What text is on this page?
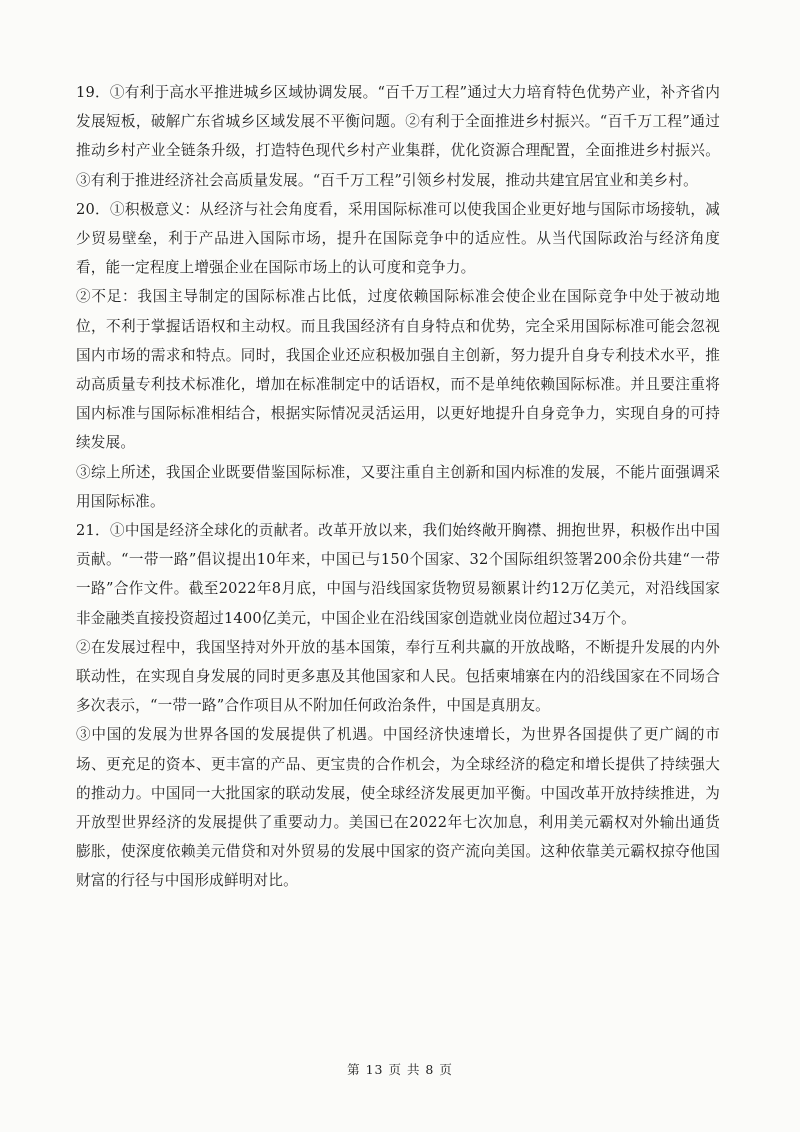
19．①有利于高水平推进城乡区域协调发展。“百千万工程”通过大力培育特色优势产业，补齐省内发展短板，破解广东省城乡区域发展不平衡问题。②有利于全面推进乡村振兴。“百千万工程”通过推动乡村产业全链条升级，打造特色现代乡村产业集群，优化资源合理配置，全面推进乡村振兴。③有利于推进经济社会高质量发展。“百千万工程”引领乡村发展，推动共建宜居宜业和美乡村。

20．①积极意义：从经济与社会角度看，采用国际标准可以使我国企业更好地与国际市场接轨，减少贸易壁垒，利于产品进入国际市场，提升在国际竞争中的适应性。从当代国际政治与经济角度看，能一定程度上增强企业在国际市场上的认可度和竞争力。

②不足：我国主导制定的国际标准占比低，过度依赖国际标准会使企业在国际竞争中处于被动地位，不利于掌握话语权和主动权。而且我国经济有自身特点和优势，完全采用国际标准可能会忽视国内市场的需求和特点。同时，我国企业还应积极加强自主创新，努力提升自身专利技术水平，推动高质量专利技术标准化，增加在标准制定中的话语权，而不是单纯依赖国际标准。并且要注重将国内标准与国际标准相结合，根据实际情况灵活运用，以更好地提升自身竞争力，实现自身的可持续发展。

③综上所述，我国企业既要借鉴国际标准，又要注重自主创新和国内标准的发展，不能片面强调采用国际标准。

21．①中国是经济全球化的贡献者。改革开放以来，我们始终敞开胸襟、拥抱世界，积极作出中国贡献。“一带一路”倡议提出10年来，中国已与150个国家、32个国际组织签署200余份共建“一带一路”合作文件。截至2022年8月底，中国与沿线国家货物贸易额累计约12万亿美元，对沿线国家非金融类直接投资超过1400亿美元，中国企业在沿线国家创造就业岗位超过34万个。

②在发展过程中，我国坚持对外开放的基本国策，奉行互利共赢的开放战略，不断提升发展的内外联动性，在实现自身发展的同时更多惠及其他国家和人民。包括柬埔寨在内的沿线国家在不同场合多次表示，“一带一路”合作项目从不附加任何政治条件，中国是真朋友。

③中国的发展为世界各国的发展提供了机遇。中国经济快速增长，为世界各国提供了更广阔的市场、更充足的资本、更丰富的产品、更宝贵的合作机会，为全球经济的稳定和增长提供了持续强大的推动力。中国同一大批国家的联动发展，使全球经济发展更加平衡。中国改革开放持续推进，为开放型世界经济的发展提供了重要动力。美国已在2022年七次加息，利用美元霸权对外输出通货膨胀，使深度依赖美元借贷和对外贸易的发展中国家的资产流向美国。这种依靠美元霸权掠夺他国财富的行径与中国形成鲜明对比。

第 13 页 共 8 页
